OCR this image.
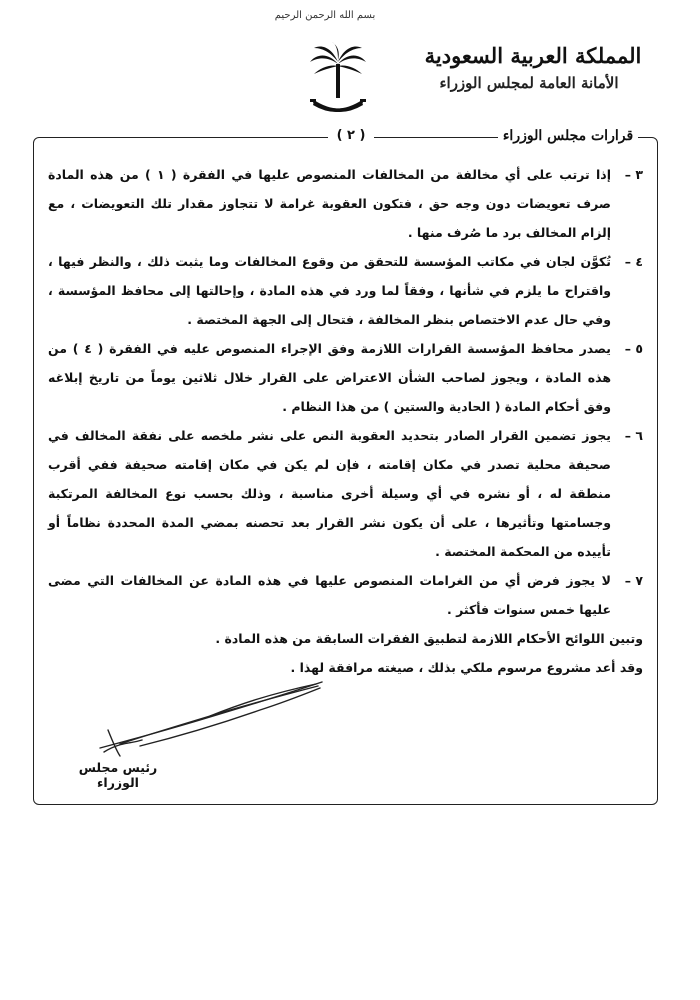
بسم الله الرحمن الرحيم
المملكة العربية السعودية
الأمانة العامة لمجلس الوزراء
( ٢ )	قرارات مجلس الوزراء
٣ –
إذا ترتب على أي مخالفة من المخالفات المنصوص عليها في الفقرة ( ١ ) من هذه المادة صرف تعويضات دون وجه حق ، فتكون العقوبة غرامة لا تتجاوز مقدار تلك التعويضات ، مع إلزام المخالف برد ما صُرف منها .
٤ –
تُكوَّن لجان في مكاتب المؤسسة للتحقق من وقوع المخالفات وما يثبت ذلك ، والنظر فيها ، واقتراح ما يلزم في شأنها ، وفقاً لما ورد في هذه المادة ، وإحالتها إلى محافظ المؤسسة ، وفي حال عدم الاختصاص بنظر المخالفة ، فتحال إلى الجهة المختصة .
٥ –
يصدر محافظ المؤسسة القرارات اللازمة وفق الإجراء المنصوص عليه في الفقرة ( ٤ ) من هذه المادة ، ويجوز لصاحب الشأن الاعتراض على القرار خلال ثلاثين يوماً من تاريخ إبلاغه وفق أحكام المادة ( الحادية والستين ) من هذا النظام .
٦ –
يجوز تضمين القرار الصادر بتحديد العقوبة النص على نشر ملخصه على نفقة المخالف في صحيفة محلية تصدر في مكان إقامته ، فإن لم يكن في مكان إقامته صحيفة ففي أقرب منطقة له ، أو نشره في أي وسيلة أخرى مناسبة ، وذلك بحسب نوع المخالفة المرتكبة وجسامتها وتأثيرها ، على أن يكون نشر القرار بعد تحصنه بمضي المدة المحددة نظاماً أو تأييده من المحكمة المختصة .
٧ –
لا يجوز فرض أي من الغرامات المنصوص عليها في هذه المادة عن المخالفات التي مضى عليها خمس سنوات فأكثر .

وتبين اللوائح الأحكام اللازمة لتطبيق الفقرات السابقة من هذه المادة .

وقد أعد مشروع مرسوم ملكي بذلك ، صيغته مرافقة لهذا .

رئيس مجلس الوزراء
